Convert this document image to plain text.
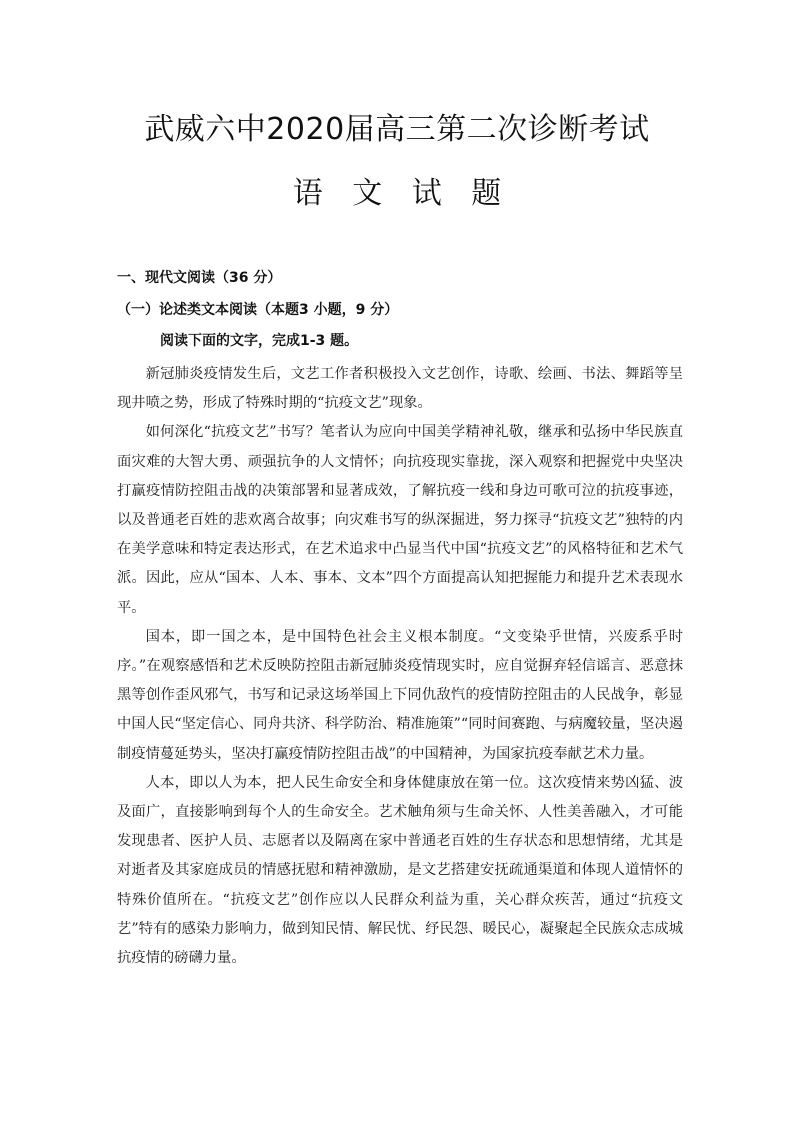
武威六中2020届高三第二次诊断考试
语 文 试 题
一、现代文阅读（36 分）
（一）论述类文本阅读（本题3 小题，9 分）
阅读下面的文字，完成1-3 题。

新冠肺炎疫情发生后，文艺工作者积极投入文艺创作，诗歌、绘画、书法、舞蹈等呈现井喷之势，形成了特殊时期的“抗疫文艺”现象。

如何深化“抗疫文艺”书写？笔者认为应向中国美学精神礼敬，继承和弘扬中华民族直面灾难的大智大勇、顽强抗争的人文情怀；向抗疫现实靠拢，深入观察和把握党中央坚决打赢疫情防控阻击战的决策部署和显著成效，了解抗疫一线和身边可歌可泣的抗疫事迹，以及普通老百姓的悲欢离合故事；向灾难书写的纵深掘进，努力探寻“抗疫文艺”独特的内在美学意味和特定表达形式，在艺术追求中凸显当代中国“抗疫文艺”的风格特征和艺术气派。因此，应从“国本、人本、事本、文本”四个方面提高认知把握能力和提升艺术表现水平。

国本，即一国之本，是中国特色社会主义根本制度。“文变染乎世情，兴废系乎时序。”在观察感悟和艺术反映防控阻击新冠肺炎疫情现实时，应自觉摒弃轻信谣言、恶意抹黑等创作歪风邪气，书写和记录这场举国上下同仇敌忾的疫情防控阻击的人民战争，彰显中国人民“坚定信心、同舟共济、科学防治、精准施策”“同时间赛跑、与病魔较量，坚决遏制疫情蔓延势头，坚决打赢疫情防控阻击战”的中国精神，为国家抗疫奉献艺术力量。

人本，即以人为本，把人民生命安全和身体健康放在第一位。这次疫情来势凶猛、波及面广，直接影响到每个人的生命安全。艺术触角须与生命关怀、人性美善融入，才可能发现患者、医护人员、志愿者以及隔离在家中普通老百姓的生存状态和思想情绪，尤其是对逝者及其家庭成员的情感抚慰和精神激励，是文艺搭建安抚疏通渠道和体现人道情怀的特殊价值所在。“抗疫文艺”创作应以人民群众利益为重，关心群众疾苦，通过“抗疫文艺”特有的感染力影响力，做到知民情、解民忧、纾民怨、暖民心，凝聚起全民族众志成城抗疫情的磅礴力量。
